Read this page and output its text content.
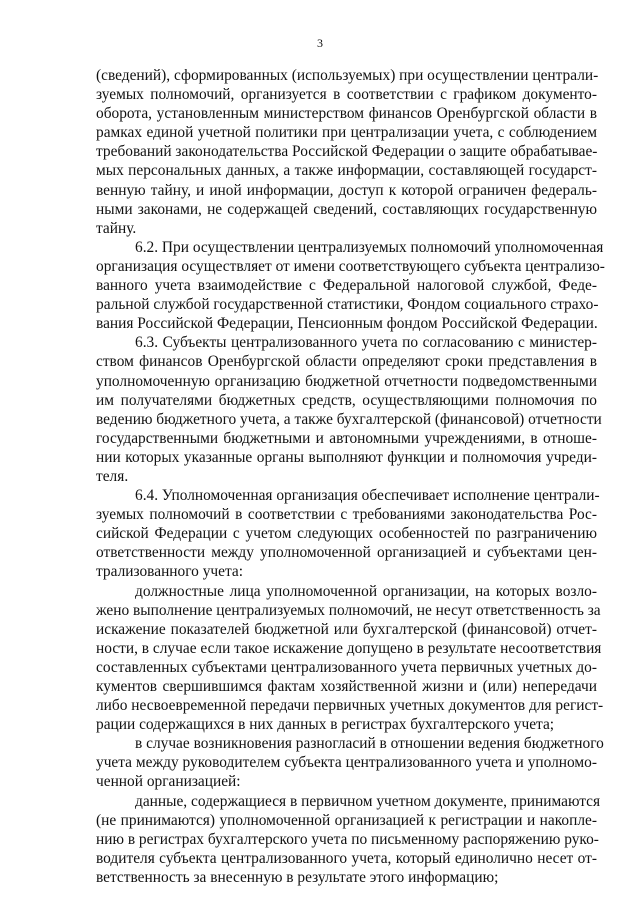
3
(сведений), сформированных (используемых) при осуществлении централи-
зуемых полномочий, организуется в соответствии с графиком документо-
оборота, установленным министерством финансов Оренбургской области в
рамках единой учетной политики при централизации учета, с соблюдением
требований законодательства Российской Федерации о защите обрабатывае-
мых персональных данных, а также информации, составляющей государст-
венную тайну, и иной информации, доступ к которой ограничен федераль-
ными законами, не содержащей сведений, составляющих государственную
тайну.
6.2. При осуществлении централизуемых полномочий уполномоченная
организация осуществляет от имени соответствующего субъекта централизо-
ванного учета взаимодействие с Федеральной налоговой службой, Феде-
ральной службой государственной статистики, Фондом социального страхо-
вания Российской Федерации, Пенсионным фондом Российской Федерации.
6.3. Субъекты централизованного учета по согласованию с министер-
ством финансов Оренбургской области определяют сроки представления в
уполномоченную организацию бюджетной отчетности подведомственными
им получателями бюджетных средств, осуществляющими полномочия по
ведению бюджетного учета, а также бухгалтерской (финансовой) отчетности
государственными бюджетными и автономными учреждениями, в отноше-
нии которых указанные органы выполняют функции и полномочия учреди-
теля.
6.4. Уполномоченная организация обеспечивает исполнение централи-
зуемых полномочий в соответствии с требованиями законодательства Рос-
сийской Федерации с учетом следующих особенностей по разграничению
ответственности между уполномоченной организацией и субъектами цен-
трализованного учета:
должностные лица уполномоченной организации, на которых возло-
жено выполнение централизуемых полномочий, не несут ответственность за
искажение показателей бюджетной или бухгалтерской (финансовой) отчет-
ности, в случае если такое искажение допущено в результате несоответствия
составленных субъектами централизованного учета первичных учетных до-
кументов свершившимся фактам хозяйственной жизни и (или) непередачи
либо несвоевременной передачи первичных учетных документов для регист-
рации содержащихся в них данных в регистрах бухгалтерского учета;
в случае возникновения разногласий в отношении ведения бюджетного
учета между руководителем субъекта централизованного учета и уполномо-
ченной организацией:
данные, содержащиеся в первичном учетном документе, принимаются
(не принимаются) уполномоченной организацией к регистрации и накопле-
нию в регистрах бухгалтерского учета по письменному распоряжению руко-
водителя субъекта централизованного учета, который единолично несет от-
ветственность за внесенную в результате этого информацию;
